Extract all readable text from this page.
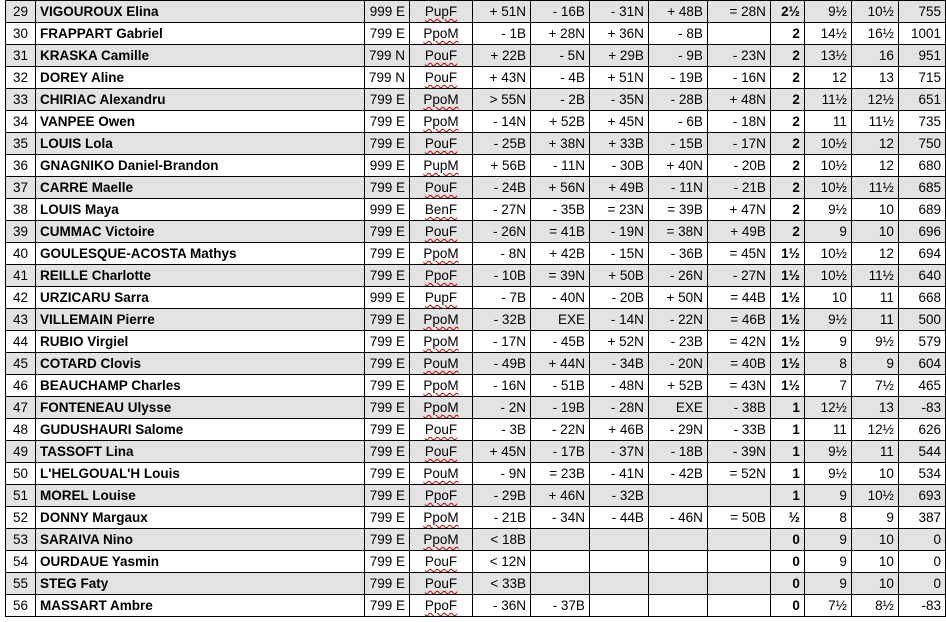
29	VIGOUROUX Elina	999 E	PupF	+ 51N	- 16B	- 31N	+ 48B	= 28N	2½	9½	10½	755
30	FRAPPART Gabriel	799 E	PpoM	- 1B	+ 28N	+ 36N	- 8B		2	14½	16½	1001
31	KRASKA Camille	799 N	PouF	+ 22B	- 5N	+ 29B	- 9B	- 23N	2	13½	16	951
32	DOREY Aline	799 N	PouF	+ 43N	- 4B	+ 51N	- 19B	- 16N	2	12	13	715
33	CHIRIAC Alexandru	799 E	PpoM	> 55N	- 2B	- 35N	- 28B	+ 48N	2	11½	12½	651
34	VANPEE Owen	799 E	PpoM	- 14N	+ 52B	+ 45N	- 6B	- 18N	2	11	11½	735
35	LOUIS Lola	799 E	PouF	- 25B	+ 38N	+ 33B	- 15B	- 17N	2	10½	12	750
36	GNAGNIKO Daniel-Brandon	999 E	PupM	+ 56B	- 11N	- 30B	+ 40N	- 20B	2	10½	12	680
37	CARRE Maelle	799 E	PouF	- 24B	+ 56N	+ 49B	- 11N	- 21B	2	10½	11½	685
38	LOUIS Maya	999 E	BenF	- 27N	- 35B	= 23N	= 39B	+ 47N	2	9½	10	689
39	CUMMAC Victoire	799 E	PouF	- 26N	= 41B	- 19N	= 38N	+ 49B	2	9	10	696
40	GOULESQUE-ACOSTA Mathys	799 E	PpoM	- 8N	+ 42B	- 15N	- 36B	= 45N	1½	10½	12	694
41	REILLE Charlotte	799 E	PpoF	- 10B	= 39N	+ 50B	- 26N	- 27N	1½	10½	11½	640
42	URZICARU Sarra	999 E	PupF	- 7B	- 40N	- 20B	+ 50N	= 44B	1½	10	11	668
43	VILLEMAIN Pierre	799 E	PpoM	- 32B	EXE	- 14N	- 22N	= 46B	1½	9½	11	500
44	RUBIO Virgiel	799 E	PpoM	- 17N	- 45B	+ 52N	- 23B	= 42N	1½	9	9½	579
45	COTARD Clovis	799 E	PouM	- 49B	+ 44N	- 34B	- 20N	= 40B	1½	8	9	604
46	BEAUCHAMP Charles	799 E	PpoM	- 16N	- 51B	- 48N	+ 52B	= 43N	1½	7	7½	465
47	FONTENEAU Ulysse	799 E	PpoM	- 2N	- 19B	- 28N	EXE	- 38B	1	12½	13	-83
48	GUDUSHAURI Salome	799 E	PouF	- 3B	- 22N	+ 46B	- 29N	- 33B	1	11	12½	626
49	TASSOFT Lina	799 E	PouF	+ 45N	- 17B	- 37N	- 18B	- 39N	1	9½	11	544
50	L'HELGOUAL'H Louis	799 E	PouM	- 9N	= 23B	- 41N	- 42B	= 52N	1	9½	10	534
51	MOREL Louise	799 E	PpoF	- 29B	+ 46N	- 32B			1	9	10½	693
52	DONNY Margaux	799 E	PpoM	- 21B	- 34N	- 44B	- 46N	= 50B	½	8	9	387
53	SARAIVA Nino	799 E	PpoM	< 18B					0	9	10	0
54	OURDAUE Yasmin	799 E	PouF	< 12N					0	9	10	0
55	STEG Faty	799 E	PouF	< 33B					0	9	10	0
56	MASSART Ambre	799 E	PpoF	- 36N	- 37B				0	7½	8½	-83
